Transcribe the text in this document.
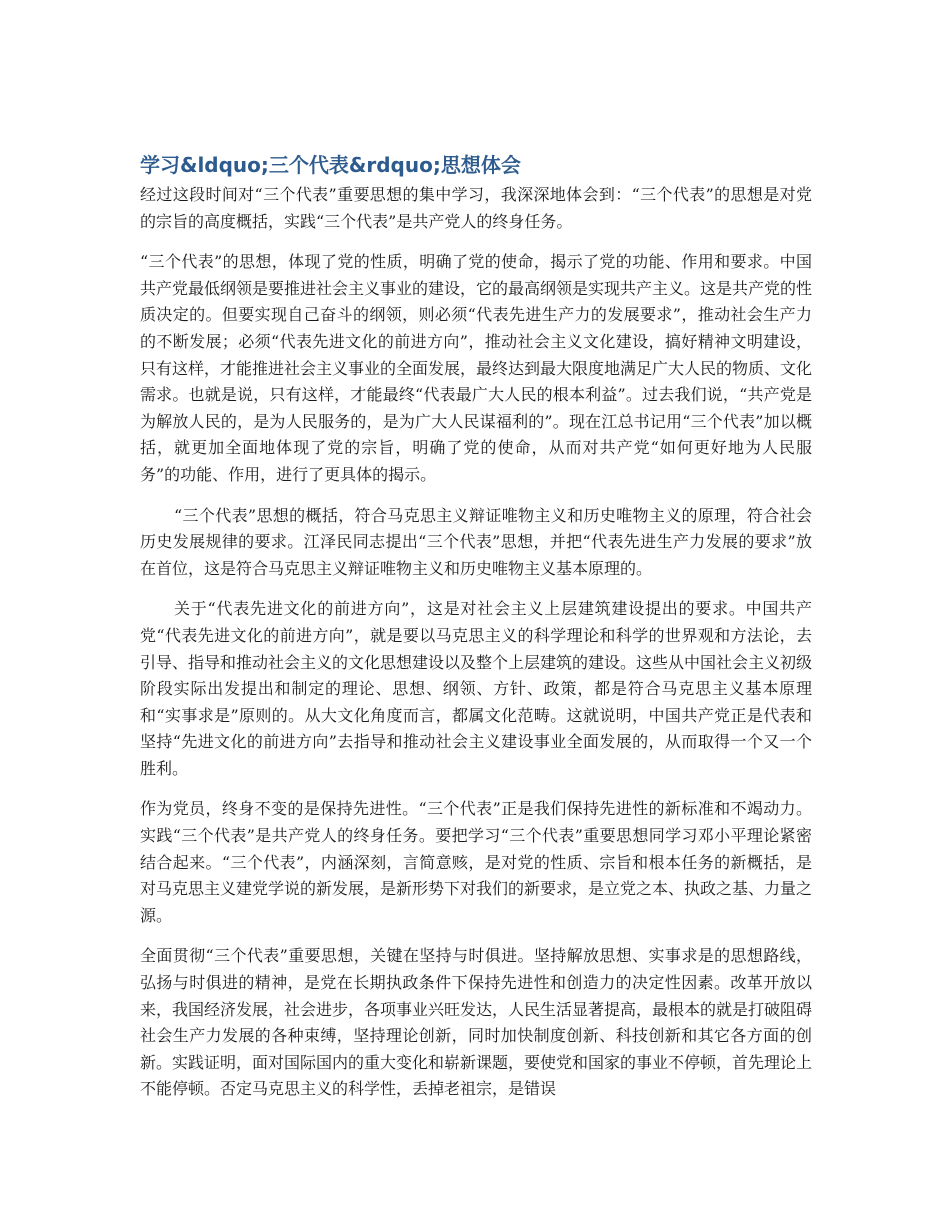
学习&ldquo;三个代表&rdquo;思想体会

经过这段时间对“三个代表”重要思想的集中学习，我深深地体会到：“三个代表”的思想是对党的宗旨的高度概括，实践“三个代表”是共产党人的终身任务。

“三个代表”的思想，体现了党的性质，明确了党的使命，揭示了党的功能、作用和要求。中国共产党最低纲领是要推进社会主义事业的建设，它的最高纲领是实现共产主义。这是共产党的性质决定的。但要实现自己奋斗的纲领，则必须“代表先进生产力的发展要求”，推动社会生产力的不断发展；必须“代表先进文化的前进方向”，推动社会主义文化建设，搞好精神文明建设，只有这样，才能推进社会主义事业的全面发展，最终达到最大限度地满足广大人民的物质、文化需求。也就是说，只有这样，才能最终“代表最广大人民的根本利益”。过去我们说，“共产党是为解放人民的，是为人民服务的，是为广大人民谋福利的”。现在江总书记用“三个代表”加以概括，就更加全面地体现了党的宗旨，明确了党的使命，从而对共产党“如何更好地为人民服务”的功能、作用，进行了更具体的揭示。

“三个代表”思想的概括，符合马克思主义辩证唯物主义和历史唯物主义的原理，符合社会历史发展规律的要求。江泽民同志提出“三个代表”思想，并把“代表先进生产力发展的要求”放在首位，这是符合马克思主义辩证唯物主义和历史唯物主义基本原理的。

关于“代表先进文化的前进方向”，这是对社会主义上层建筑建设提出的要求。中国共产党“代表先进文化的前进方向”，就是要以马克思主义的科学理论和科学的世界观和方法论，去引导、指导和推动社会主义的文化思想建设以及整个上层建筑的建设。这些从中国社会主义初级阶段实际出发提出和制定的理论、思想、纲领、方针、政策，都是符合马克思主义基本原理和“实事求是”原则的。从大文化角度而言，都属文化范畴。这就说明，中国共产党正是代表和坚持“先进文化的前进方向”去指导和推动社会主义建设事业全面发展的，从而取得一个又一个胜利。

作为党员，终身不变的是保持先进性。“三个代表”正是我们保持先进性的新标准和不竭动力。 实践“三个代表”是共产党人的终身任务。要把学习“三个代表”重要思想同学习邓小平理论紧密结合起来。“三个代表”，内涵深刻，言简意赅，是对党的性质、宗旨和根本任务的新概括，是对马克思主义建党学说的新发展，是新形势下对我们的新要求，是立党之本、执政之基、力量之源。

全面贯彻“三个代表”重要思想，关键在坚持与时俱进。坚持解放思想、实事求是的思想路线，弘扬与时俱进的精神，是党在长期执政条件下保持先进性和创造力的决定性因素。改革开放以来，我国经济发展，社会进步，各项事业兴旺发达，人民生活显著提高，最根本的就是打破阻碍社会生产力发展的各种束缚，坚持理论创新，同时加快制度创新、科技创新和其它各方面的创新。实践证明，面对国际国内的重大变化和崭新课题，要使党和国家的事业不停顿，首先理论上不能停顿。否定马克思主义的科学性，丢掉老祖宗，是错误
